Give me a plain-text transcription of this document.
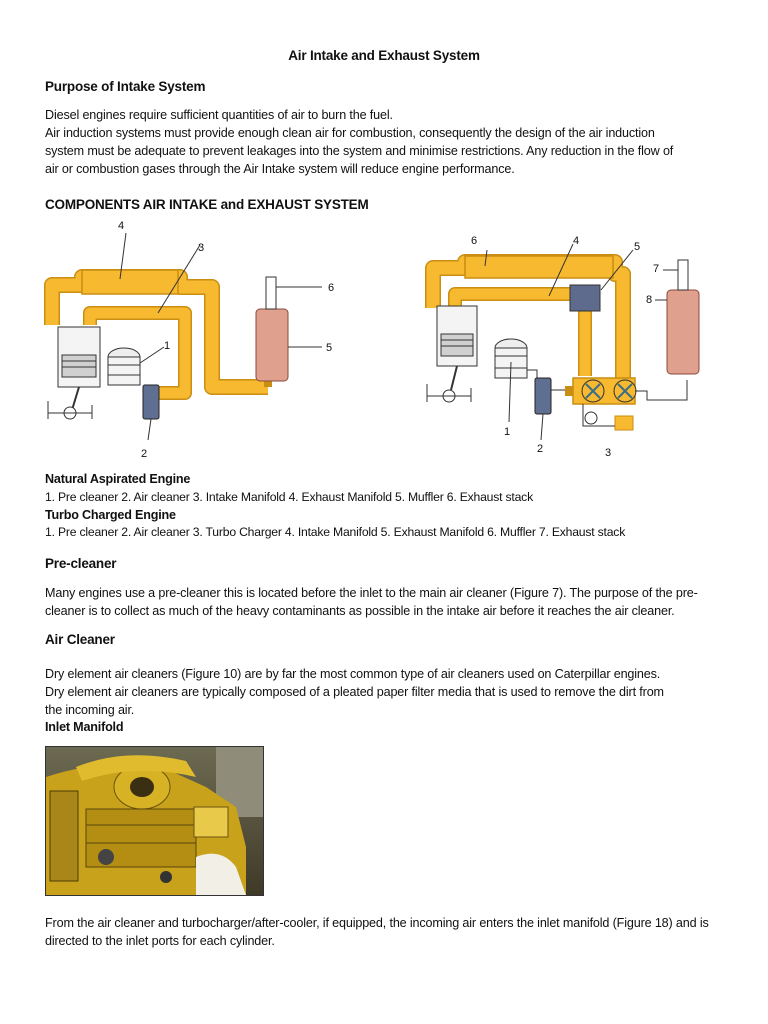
Air Intake and Exhaust System
Purpose of Intake System
Diesel engines require sufficient quantities of air to burn the fuel.
Air induction systems must provide enough clean air for combustion, consequently the design of the air induction
system must be adequate to prevent leakages into the system and minimise restrictions. Any reduction in the flow of
air or combustion gases through the Air Intake system will reduce engine performance.
COMPONENTS AIR INTAKE and EXHAUST SYSTEM
4
3
6
1	5
2
6	4	5
7
8
1
2	3
Natural Aspirated Engine
1. Pre cleaner 2. Air cleaner 3. Intake Manifold 4. Exhaust Manifold 5. Muffler 6. Exhaust stack
Turbo Charged Engine
1. Pre cleaner 2. Air cleaner 3. Turbo Charger 4. Intake Manifold 5. Exhaust Manifold 6. Muffler 7. Exhaust stack
Pre-cleaner
Many engines use a pre-cleaner this is located before the inlet to the main air cleaner (Figure 7). The purpose of the pre-
cleaner is to collect as much of the heavy contaminants as possible in the intake air before it reaches the air cleaner.
Air Cleaner
Dry element air cleaners (Figure 10) are by far the most common type of air cleaners used on Caterpillar engines.
Dry element air cleaners are typically composed of a pleated paper filter media that is used to remove the dirt from
the incoming air.
Inlet Manifold
From the air cleaner and turbocharger/after-cooler, if equipped, the incoming air enters the inlet manifold (Figure 18) and is
directed to the inlet ports for each cylinder.
